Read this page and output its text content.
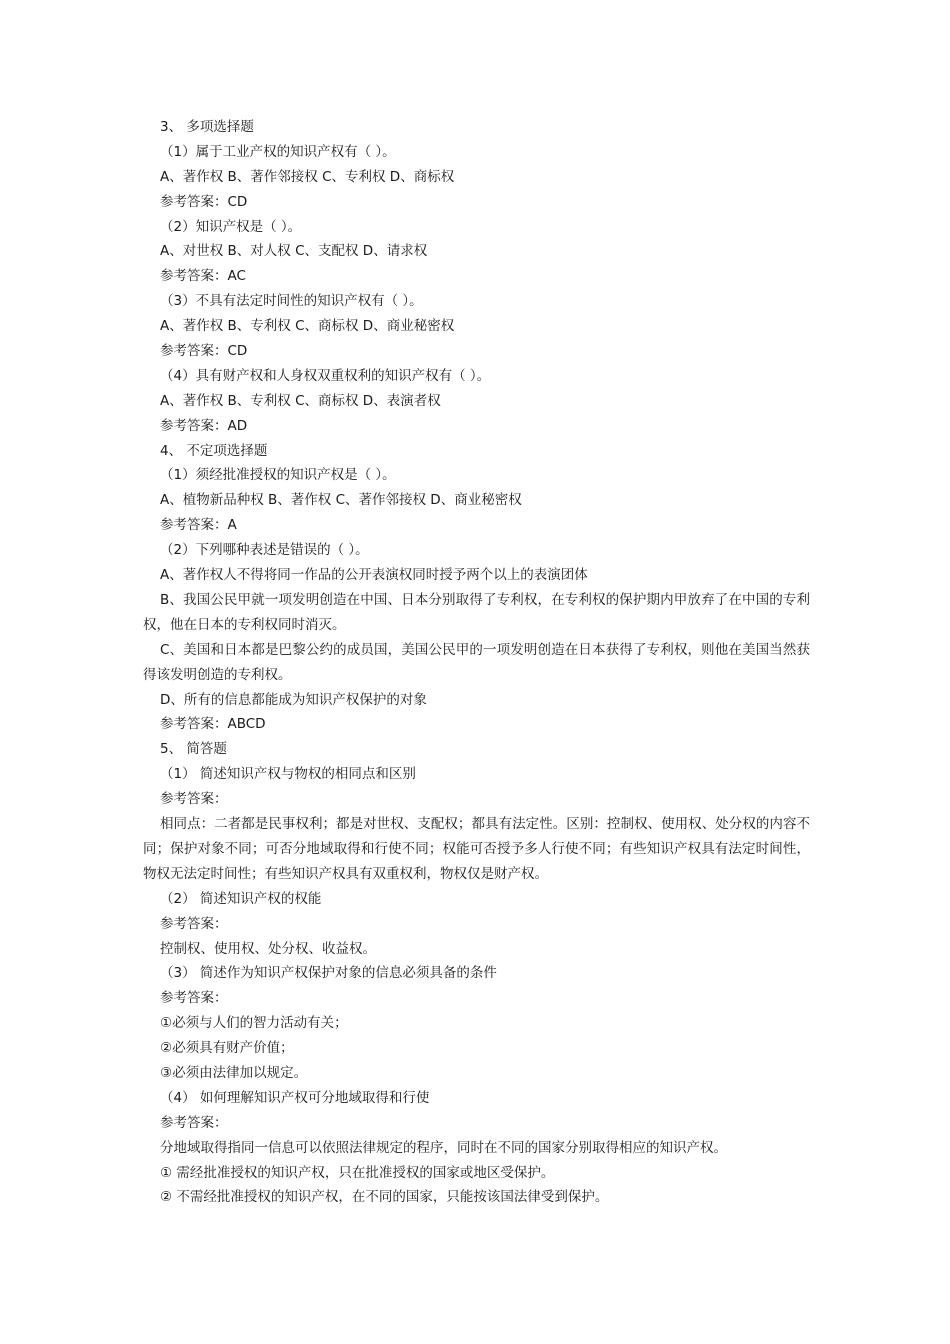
3、 多项选择题
（1）属于工业产权的知识产权有（ ）。
A、著作权 B、著作邻接权 C、专利权 D、商标权
参考答案：CD
（2）知识产权是（ ）。
A、对世权 B、对人权 C、支配权 D、请求权
参考答案：AC
（3）不具有法定时间性的知识产权有（ ）。
A、著作权 B、专利权 C、商标权 D、商业秘密权
参考答案：CD
（4）具有财产权和人身权双重权利的知识产权有（ ）。
A、著作权 B、专利权 C、商标权 D、表演者权
参考答案：AD
4、 不定项选择题
（1）须经批准授权的知识产权是（ ）。
A、植物新品种权 B、著作权 C、著作邻接权 D、商业秘密权
参考答案：A
（2）下列哪种表述是错误的（ ）。
A、著作权人不得将同一作品的公开表演权同时授予两个以上的表演团体
B、我国公民甲就一项发明创造在中国、日本分别取得了专利权，在专利权的保护期内甲放弃了在中国的专利权，他在日本的专利权同时消灭。
C、美国和日本都是巴黎公约的成员国，美国公民甲的一项发明创造在日本获得了专利权，则他在美国当然获得该发明创造的专利权。
D、所有的信息都能成为知识产权保护的对象
参考答案：ABCD
5、 简答题
（1） 简述知识产权与物权的相同点和区别
参考答案：
相同点：二者都是民事权利；都是对世权、支配权；都具有法定性。区别：控制权、使用权、处分权的内容不同；保护对象不同；可否分地域取得和行使不同；权能可否授予多人行使不同；有些知识产权具有法定时间性，物权无法定时间性；有些知识产权具有双重权利，物权仅是财产权。
（2） 简述知识产权的权能
参考答案：
控制权、使用权、处分权、收益权。
（3） 简述作为知识产权保护对象的信息必须具备的条件
参考答案：
①必须与人们的智力活动有关；
②必须具有财产价值；
③必须由法律加以规定。
（4） 如何理解知识产权可分地域取得和行使
参考答案：
分地域取得指同一信息可以依照法律规定的程序，同时在不同的国家分别取得相应的知识产权。
① 需经批准授权的知识产权，只在批准授权的国家或地区受保护。
② 不需经批准授权的知识产权，在不同的国家，只能按该国法律受到保护。
